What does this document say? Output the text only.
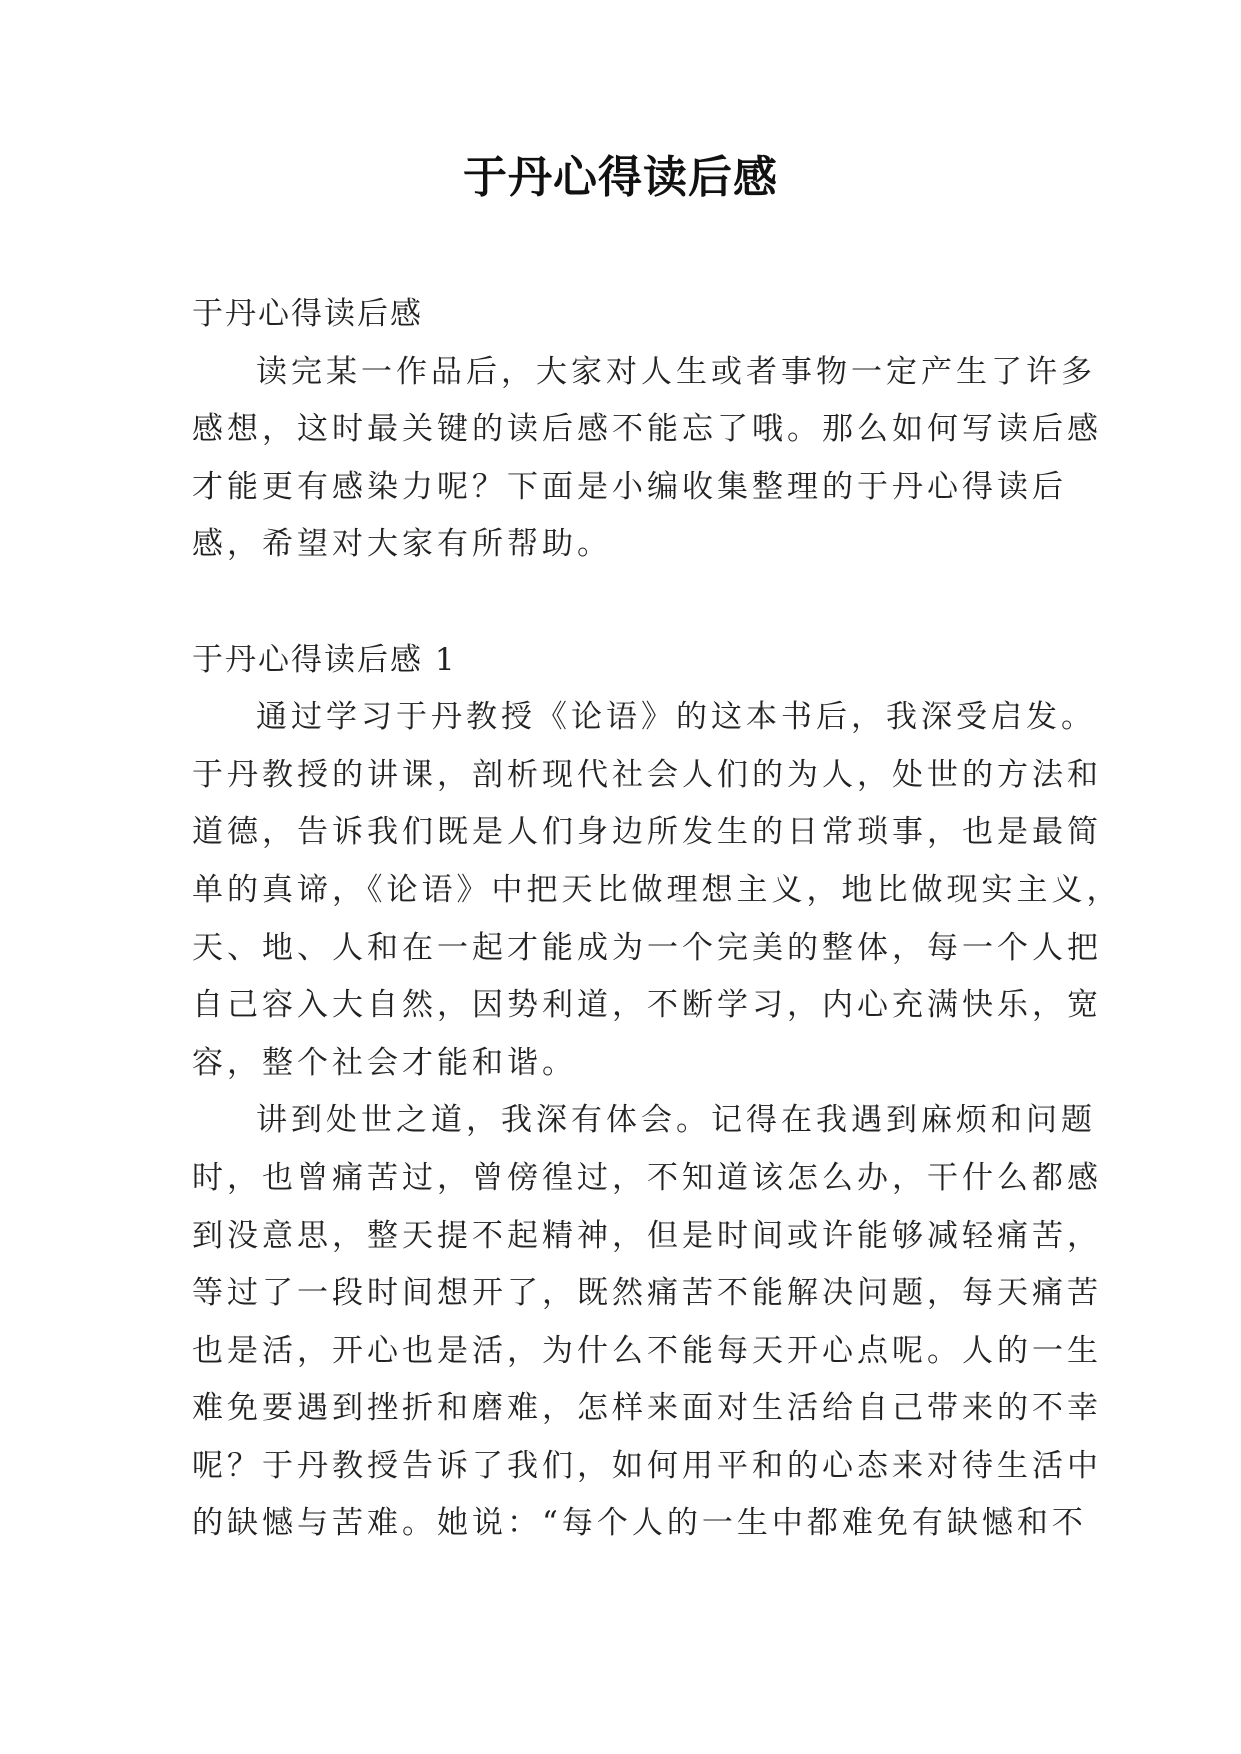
于丹心得读后感
于丹心得读后感
读完某一作品后，大家对人生或者事物一定产生了许多
感想，这时最关键的读后感不能忘了哦。那么如何写读后感
才能更有感染力呢？下面是小编收集整理的于丹心得读后
感，希望对大家有所帮助。
于丹心得读后感 1
通过学习于丹教授《论语》的这本书后，我深受启发。
于丹教授的讲课，剖析现代社会人们的为人，处世的方法和
道德，告诉我们既是人们身边所发生的日常琐事，也是最简
单的真谛，《论语》中把天比做理想主义，地比做现实主义，
天、地、人和在一起才能成为一个完美的整体，每一个人把
自己容入大自然，因势利道，不断学习，内心充满快乐，宽
容，整个社会才能和谐。
讲到处世之道，我深有体会。记得在我遇到麻烦和问题
时，也曾痛苦过，曾傍徨过，不知道该怎么办，干什么都感
到没意思，整天提不起精神，但是时间或许能够减轻痛苦，
等过了一段时间想开了，既然痛苦不能解决问题，每天痛苦
也是活，开心也是活，为什么不能每天开心点呢。人的一生
难免要遇到挫折和磨难，怎样来面对生活给自己带来的不幸
呢？于丹教授告诉了我们，如何用平和的心态来对待生活中
的缺憾与苦难。她说：“每个人的一生中都难免有缺憾和不
